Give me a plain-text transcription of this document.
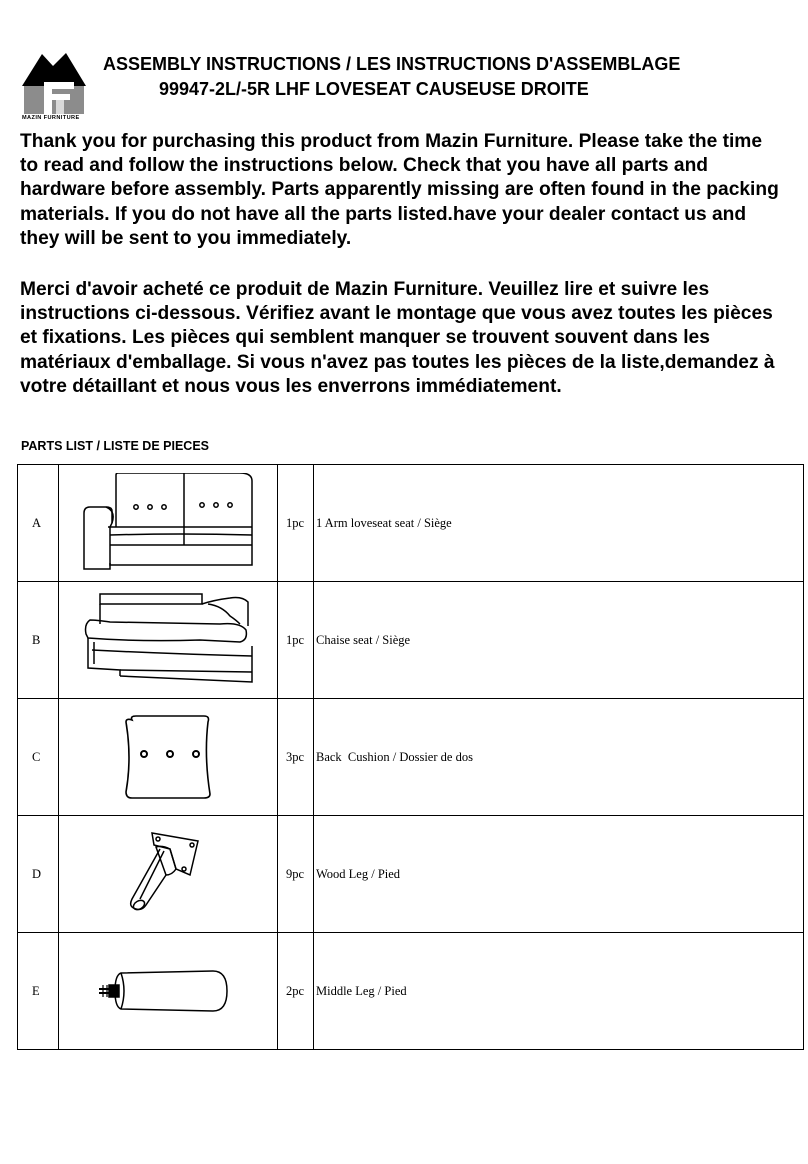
MAZIN FURNITURE
ASSEMBLY INSTRUCTIONS / LES INSTRUCTIONS D'ASSEMBLAGE
99947-2L/-5R LHF LOVESEAT CAUSEUSE DROITE

Thank you for purchasing this product from Mazin Furniture. Please take the time to read and follow the instructions below. Check that you have all parts and hardware before assembly. Parts apparently missing are often found in the packing materials. If you do not have all the parts listed.have your dealer contact us and they will be sent to you immediately.

Merci d'avoir acheté ce produit de Mazin Furniture. Veuillez lire et suivre les instructions ci-dessous. Vérifiez avant le montage que vous avez toutes les pièces et fixations. Les pièces qui semblent manquer se trouvent souvent dans les matériaux d'emballage. Si vous n'avez pas toutes les pièces de la liste,demandez à votre détaillant et nous vous les enverrons immédiatement.

PARTS LIST / LISTE DE PIECES
A		1pc	1 Arm loveseat seat / Siège
B		1pc	Chaise seat / Siège
C		3pc	Back  Cushion / Dossier de dos
D		9pc	Wood Leg / Pied
E		2pc	Middle Leg / Pied
